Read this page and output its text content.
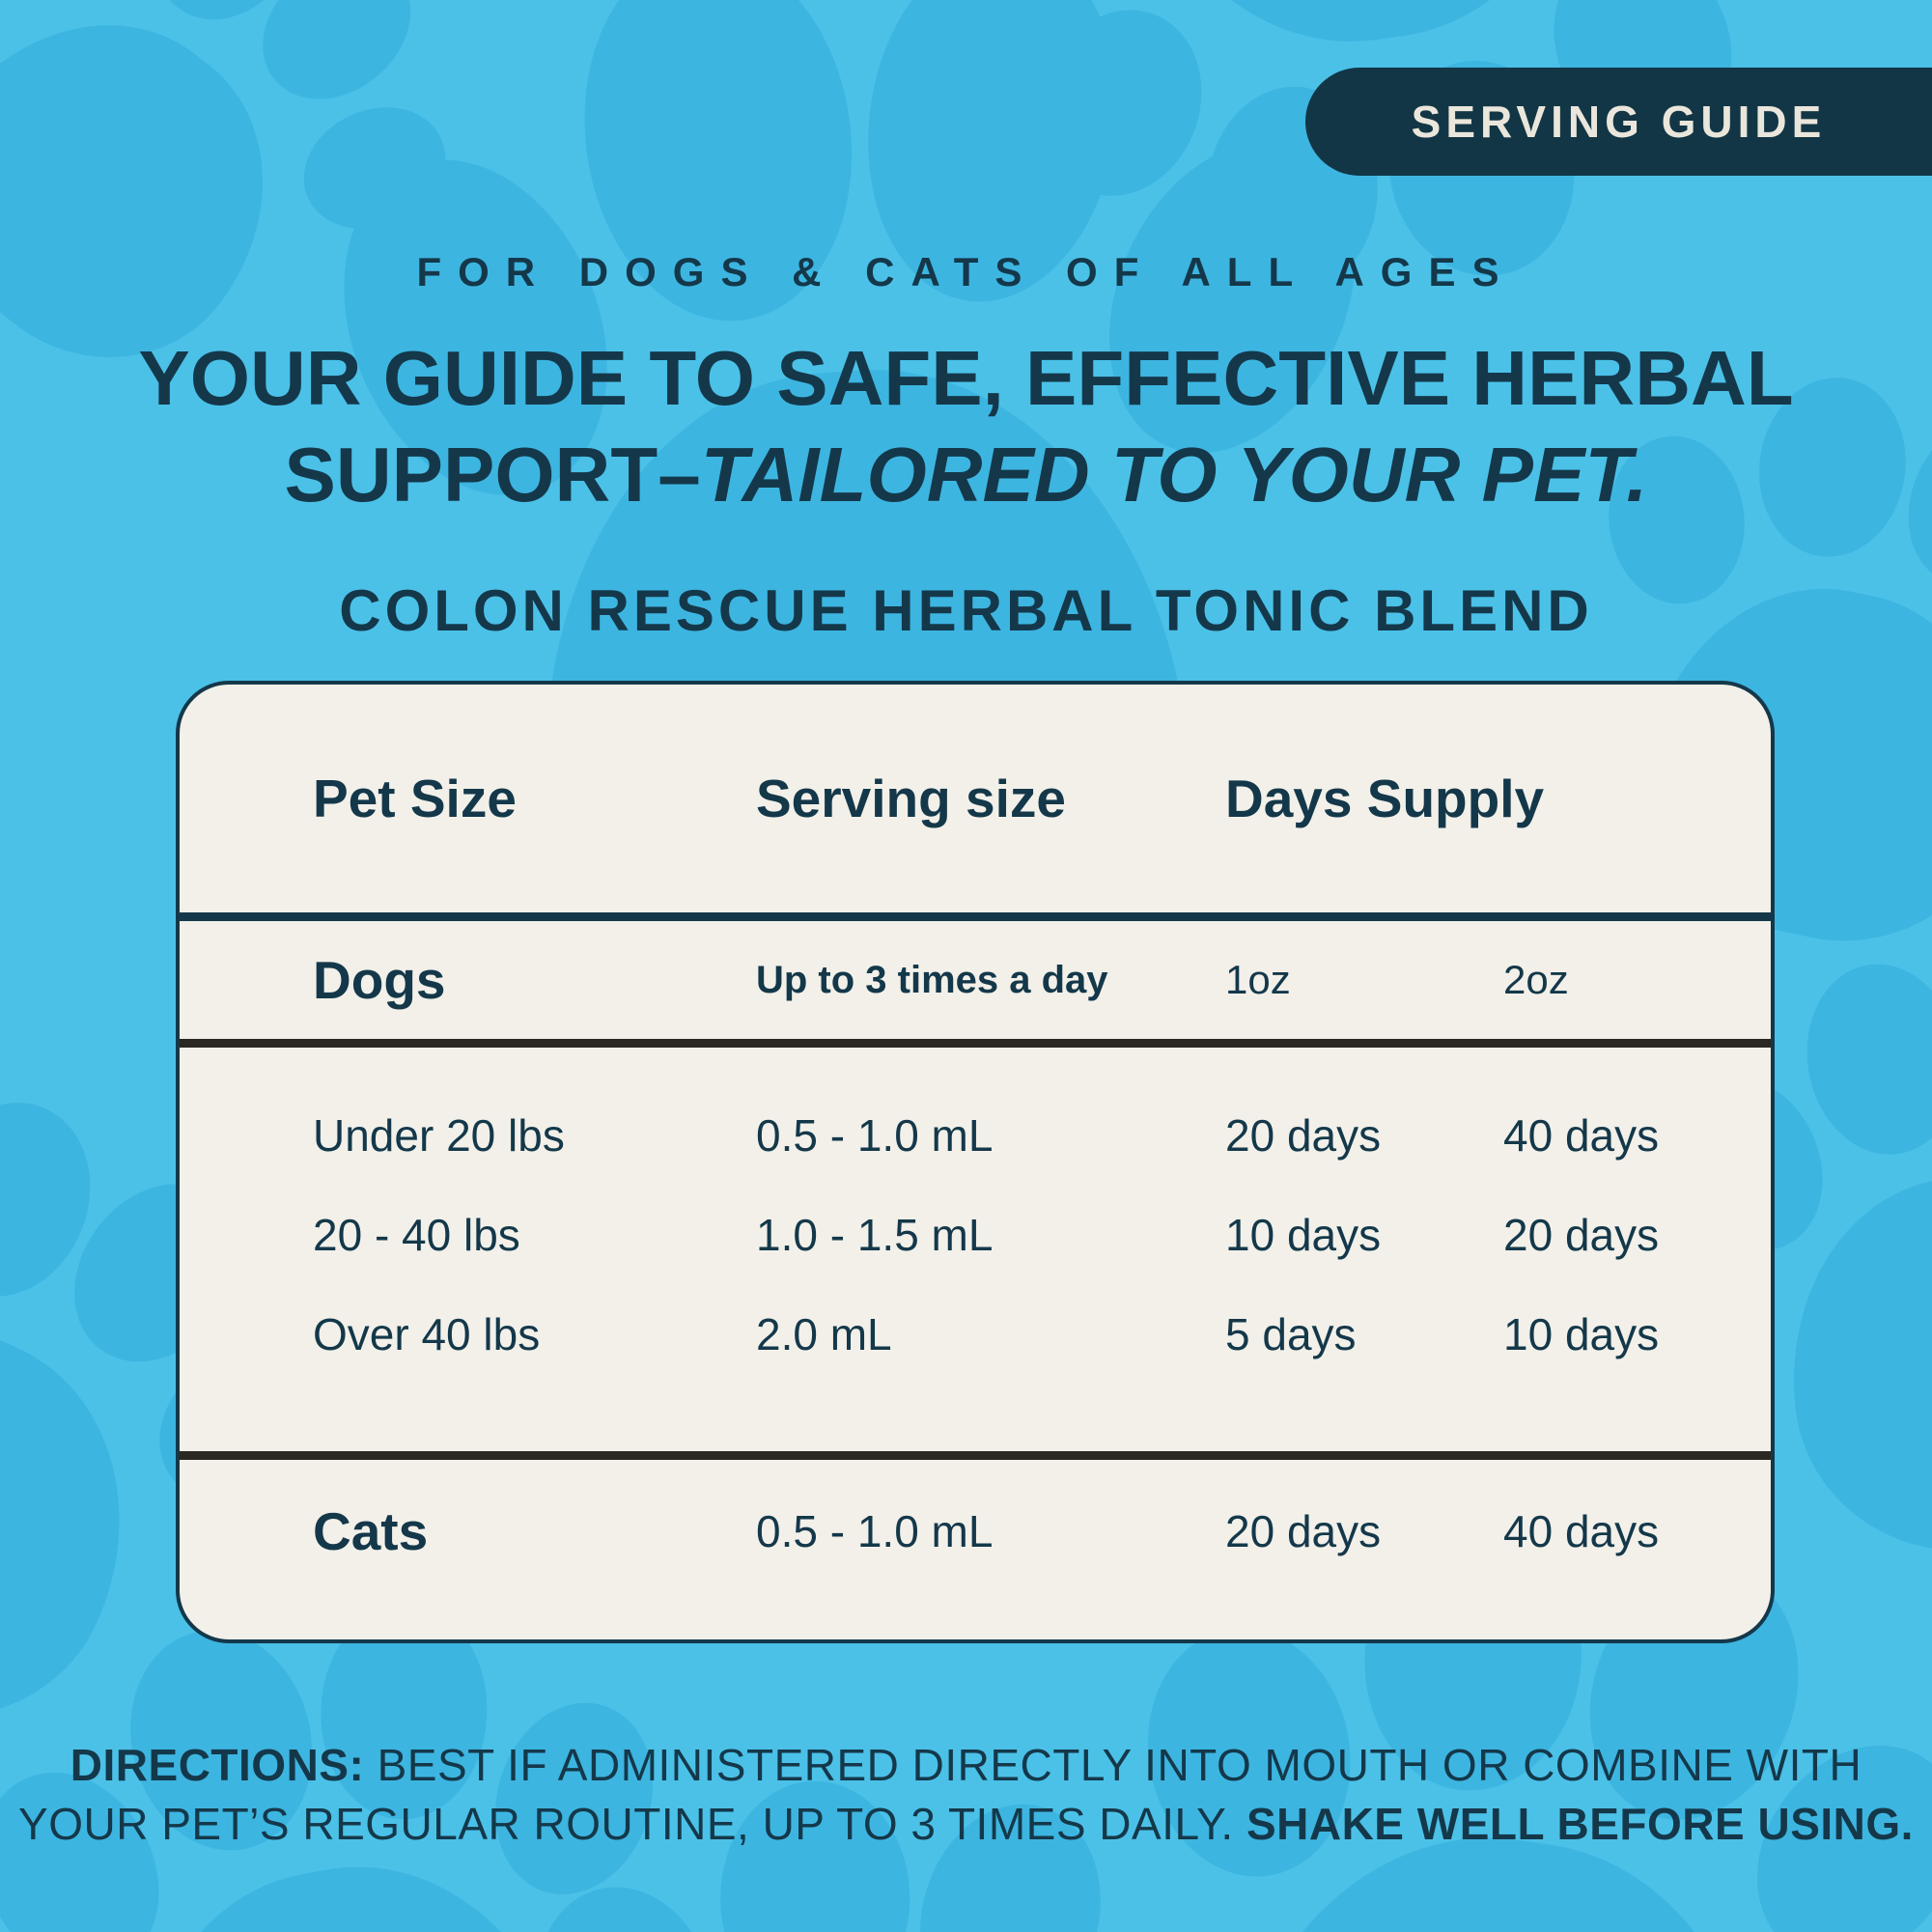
SERVING GUIDE
FOR DOGS & CATS OF ALL AGES
YOUR GUIDE TO SAFE, EFFECTIVE HERBAL
SUPPORT–TAILORED TO YOUR PET.
COLON RESCUE HERBAL TONIC BLEND
Pet Size	Serving size	Days Supply
Dogs	Up to 3 times a day	1oz	2oz
Under 20 lbs	0.5 - 1.0 mL	20 days	40 days
20 - 40 lbs	1.0 - 1.5 mL	10 days	20 days
Over 40 lbs	2.0 mL	5 days	10 days
Cats	0.5 - 1.0 mL	20 days	40 days
DIRECTIONS: BEST IF ADMINISTERED DIRECTLY INTO MOUTH OR COMBINE WITH
YOUR PET’S REGULAR ROUTINE, UP TO 3 TIMES DAILY. SHAKE WELL BEFORE USING.
